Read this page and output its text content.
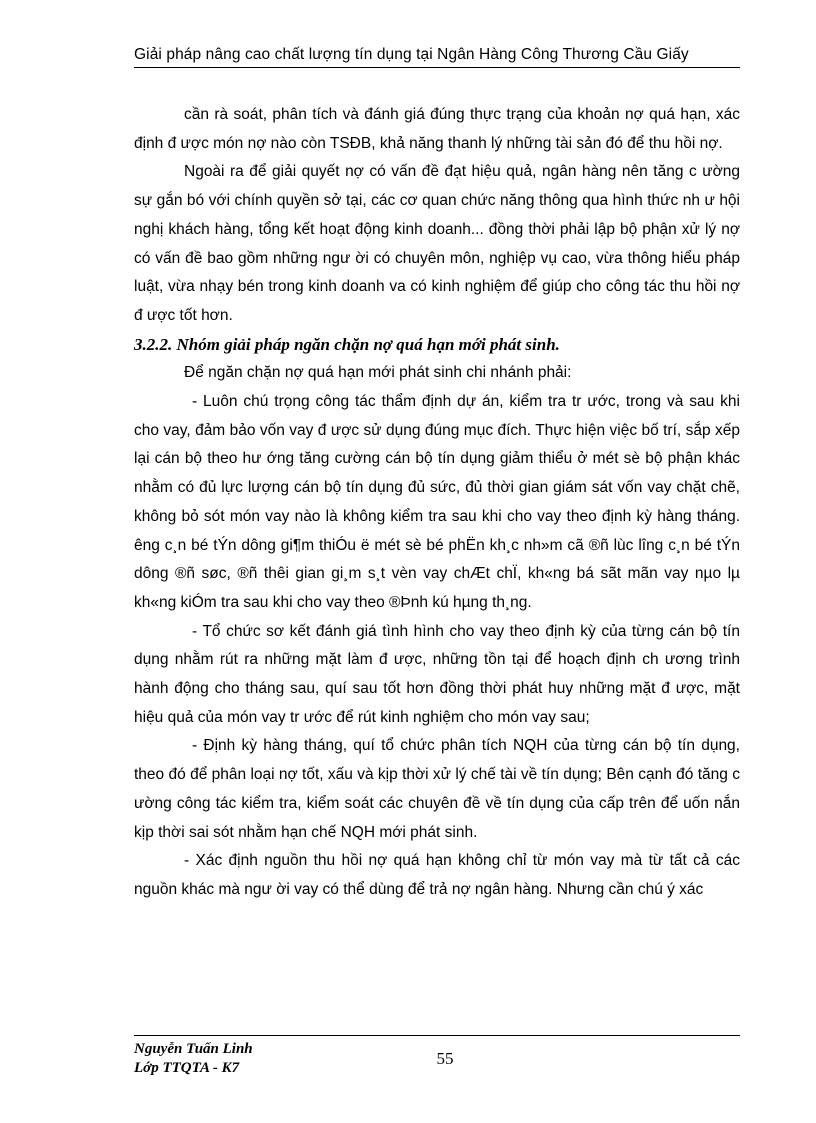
Giải pháp nâng cao chất lượng tín dụng tại Ngân Hàng Công Thương Cầu Giấy

cần rà soát, phân tích và đánh giá đúng thực trạng của khoản nợ quá hạn, xác định đ ược món nợ nào còn TSĐB, khả năng thanh lý những tài sản đó để thu hồi nợ.

Ngoài ra để giải quyết nợ có vấn đề đạt hiệu quả, ngân hàng nên tăng c ường sự gắn bó với chính quyền sở tại, các cơ quan chức năng thông qua hình thức nh ư hội nghị khách hàng, tổng kết hoạt động kinh doanh... đồng thời phải lập bộ phận xử lý nợ có vấn đề bao gồm những ngư ời có chuyên môn, nghiệp vụ cao, vừa thông hiểu pháp luật, vừa nhạy bén trong kinh doanh va có kinh nghiệm để giúp cho công tác thu hồi nợ đ ược tốt hơn.

3.2.2. Nhóm giải pháp ngăn chặn nợ quá hạn mới phát sinh.

Để ngăn chặn nợ quá hạn mới phát sinh chi nhánh phải:

- Luôn chú trọng công tác thẩm định dự án, kiểm tra tr ước, trong và sau khi cho vay, đảm bảo vốn vay đ ược sử dụng đúng mục đích. Thực hiện việc bố trí, sắp xếp lại cán bộ theo hư ớng tăng cường cán bộ tín dụng giảm thiểu ở mét sè bộ phận khác nhằm có đủ lực lượng cán bộ tín dụng đủ sức, đủ thời gian giám sát vốn vay chặt chẽ, không bỏ sót món vay nào là không kiểm tra sau khi cho vay theo định kỳ hàng tháng. êng c¸n bé tÝn dông gi¶m thiÓu ë mét sè bé phËn kh¸c nh»m cã ®ñ lùc lîng c¸n bé tÝn dông ®ñ søc, ®ñ thêi gian gi¸m s¸t vèn vay chÆt chÏ, kh«ng bá sãt mãn vay nµo lµ kh«ng kiÓm tra sau khi cho vay theo ®Þnh kú hµng th¸ng.

- Tổ chức sơ kết đánh giá tình hình cho vay theo định kỳ của từng cán bộ tín dụng nhằm rút ra những mặt làm đ ược, những tồn tại để hoạch định ch ương trình hành động cho tháng sau, quí sau tốt hơn đồng thời phát huy những mặt đ ược, mặt hiệu quả của món vay tr ước để rút kinh nghiệm cho món vay sau;

- Định kỳ hàng tháng, quí tổ chức phân tích NQH của từng cán bộ tín dụng, theo đó để phân loại nợ tốt, xấu và kịp thời xử lý chế tài về tín dụng; Bên cạnh đó tăng c ường công tác kiểm tra, kiểm soát các chuyên đề về tín dụng của cấp trên để uốn nắn kịp thời sai sót nhằm hạn chế NQH mới phát sinh.

- Xác định nguồn thu hồi nợ quá hạn không chỉ từ món vay mà từ tất cả các nguồn khác mà ngư ời vay có thể dùng để trả nợ ngân hàng. Nhưng cần chú ý xác

Nguyễn Tuấn Linh
Lớp TTQTA - K7	55
